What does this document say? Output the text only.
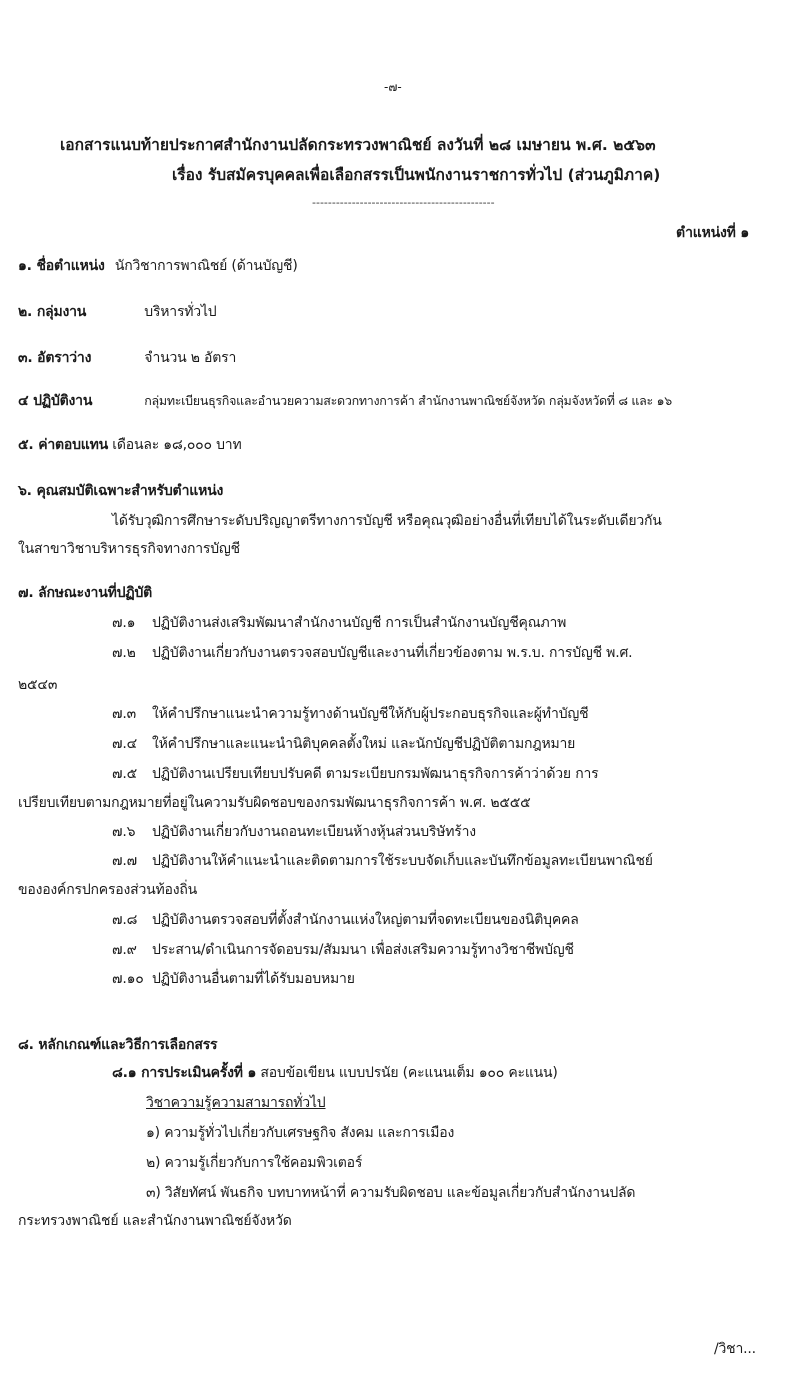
-๗-
เอกสารแนบท้ายประกาศสำนักงานปลัดกระทรวงพาณิชย์ ลงวันที่ ๒๘ เมษายน พ.ศ. ๒๕๖๓
เรื่อง รับสมัครบุคคลเพื่อเลือกสรรเป็นพนักงานราชการทั่วไป (ส่วนภูมิภาค)
----------------------------------------------
ตำแหน่งที่ ๑
๑. ชื่อตำแหน่ง นักวิชาการพาณิชย์ (ด้านบัญชี)
๒. กลุ่มงาน	บริหารทั่วไป
๓. อัตราว่าง	จำนวน ๒ อัตรา
๔ ปฏิบัติงาน	กลุ่มทะเบียนธุรกิจและอำนวยความสะดวกทางการค้า สำนักงานพาณิชย์จังหวัด กลุ่มจังหวัดที่ ๘ และ ๑๖
๕. ค่าตอบแทน เดือนละ ๑๘,๐๐๐ บาท
๖. คุณสมบัติเฉพาะสำหรับตำแหน่ง
ได้รับวุฒิการศึกษาระดับปริญญาตรีทางการบัญชี หรือคุณวุฒิอย่างอื่นที่เทียบได้ในระดับเดียวกัน
ในสาขาวิชาบริหารธุรกิจทางการบัญชี
๗. ลักษณะงานที่ปฏิบัติ
๗.๑ ปฏิบัติงานส่งเสริมพัฒนาสำนักงานบัญชี การเป็นสำนักงานบัญชีคุณภาพ
๗.๒ ปฏิบัติงานเกี่ยวกับงานตรวจสอบบัญชีและงานที่เกี่ยวข้องตาม พ.ร.บ. การบัญชี พ.ศ.
๒๕๔๓
๗.๓ ให้คำปรึกษาแนะนำความรู้ทางด้านบัญชีให้กับผู้ประกอบธุรกิจและผู้ทำบัญชี
๗.๔ ให้คำปรึกษาและแนะนำนิติบุคคลตั้งใหม่ และนักบัญชีปฏิบัติตามกฎหมาย
๗.๕ ปฏิบัติงานเปรียบเทียบปรับคดี ตามระเบียบกรมพัฒนาธุรกิจการค้าว่าด้วย การ
เปรียบเทียบตามกฎหมายที่อยู่ในความรับผิดชอบของกรมพัฒนาธุรกิจการค้า พ.ศ. ๒๕๕๕
๗.๖ ปฏิบัติงานเกี่ยวกับงานถอนทะเบียนห้างหุ้นส่วนบริษัทร้าง
๗.๗ ปฏิบัติงานให้คำแนะนำและติดตามการใช้ระบบจัดเก็บและบันทึกข้อมูลทะเบียนพาณิชย์
ขององค์กรปกครองส่วนท้องถิ่น
๗.๘ ปฏิบัติงานตรวจสอบที่ตั้งสำนักงานแห่งใหญ่ตามที่จดทะเบียนของนิติบุคคล
๗.๙ ประสาน/ดำเนินการจัดอบรม/สัมมนา เพื่อส่งเสริมความรู้ทางวิชาชีพบัญชี
๗.๑๐ ปฏิบัติงานอื่นตามที่ได้รับมอบหมาย
๘. หลักเกณฑ์และวิธีการเลือกสรร
๘.๑ การประเมินครั้งที่ ๑ สอบข้อเขียน แบบปรนัย (คะแนนเต็ม ๑๐๐ คะแนน)
วิชาความรู้ความสามารถทั่วไป
๑) ความรู้ทั่วไปเกี่ยวกับเศรษฐกิจ สังคม และการเมือง
๒) ความรู้เกี่ยวกับการใช้คอมพิวเตอร์
๓) วิสัยทัศน์ พันธกิจ บทบาทหน้าที่ ความรับผิดชอบ และข้อมูลเกี่ยวกับสำนักงานปลัด
กระทรวงพาณิชย์ และสำนักงานพาณิชย์จังหวัด
/วิชา...
